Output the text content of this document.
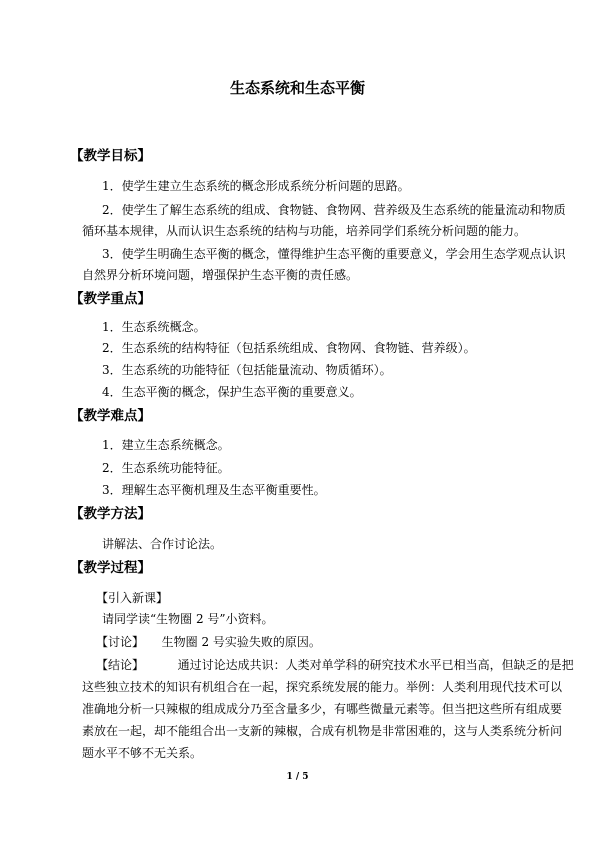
生态系统和生态平衡
【教学目标】
1．使学生建立生态系统的概念形成系统分析问题的思路。
2．使学生了解生态系统的组成、食物链、食物网、营养级及生态系统的能量流动和物质
循环基本规律，从而认识生态系统的结构与功能，培养同学们系统分析问题的能力。
3．使学生明确生态平衡的概念，懂得维护生态平衡的重要意义，学会用生态学观点认识
自然界分析环境问题，增强保护生态平衡的责任感。
【教学重点】
1．生态系统概念。
2．生态系统的结构特征（包括系统组成、食物网、食物链、营养级）。
3．生态系统的功能特征（包括能量流动、物质循环）。
4．生态平衡的概念，保护生态平衡的重要意义。
【教学难点】
1．建立生态系统概念。
2．生态系统功能特征。
3．理解生态平衡机理及生态平衡重要性。
【教学方法】
讲解法、合作讨论法。
【教学过程】
【引入新课】
请同学读“生物圈 2 号”小资料。
【讨论】 生物圈 2 号实验失败的原因。
【结论】	通过讨论达成共识：人类对单学科的研究技术水平已相当高，但缺乏的是把
这些独立技术的知识有机组合在一起，探究系统发展的能力。举例：人类利用现代技术可以
准确地分析一只辣椒的组成成分乃至含量多少，有哪些微量元素等。但当把这些所有组成要
素放在一起，却不能组合出一支新的辣椒，合成有机物是非常困难的，这与人类系统分析问
题水平不够不无关系。
1 / 5
